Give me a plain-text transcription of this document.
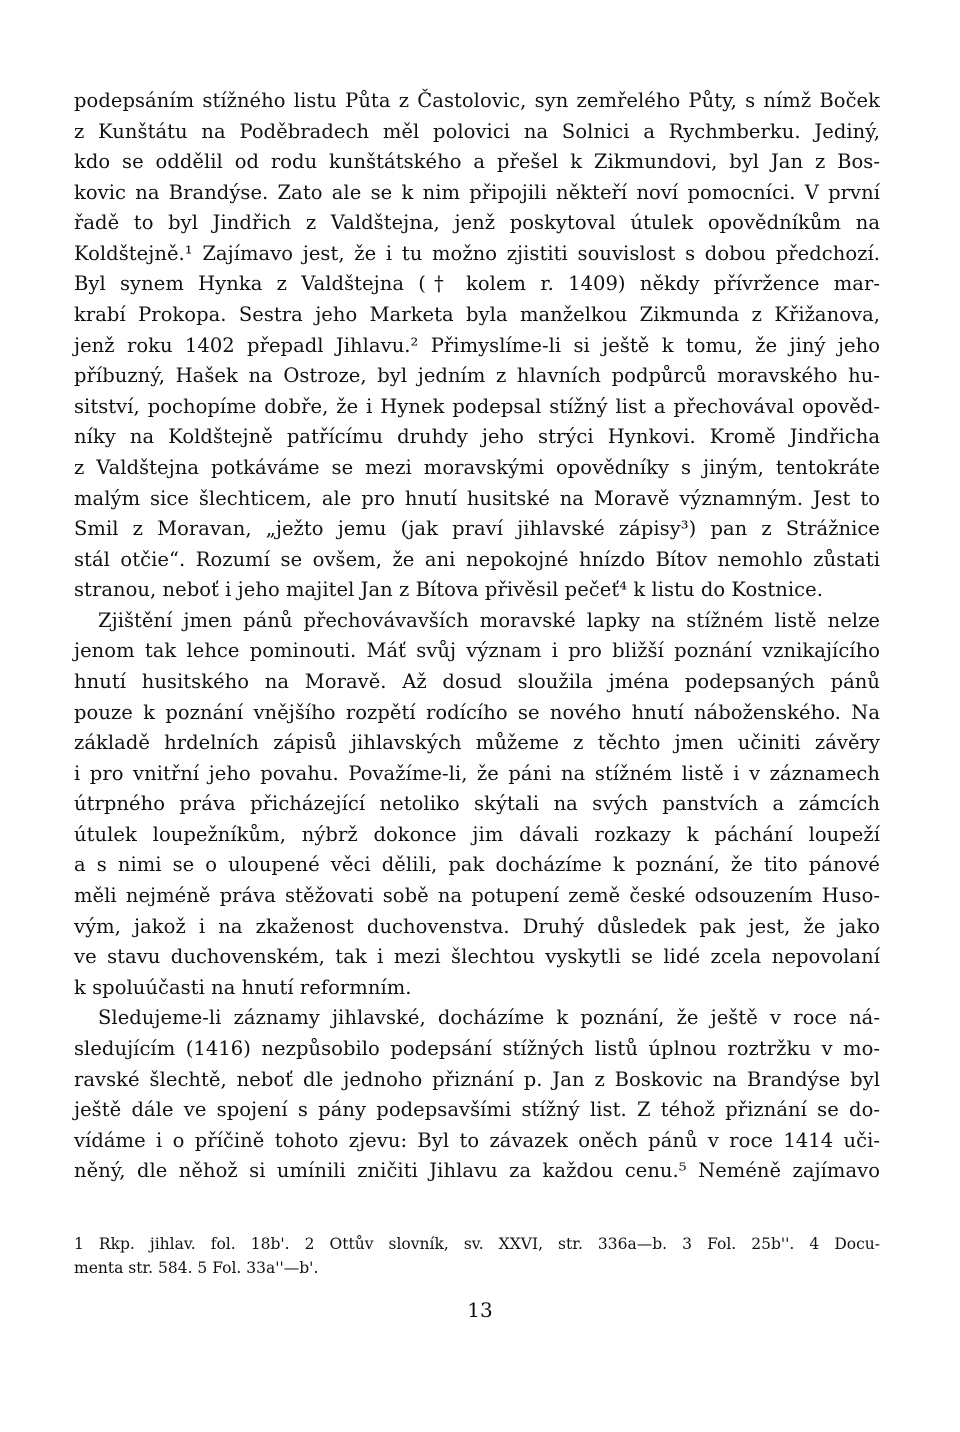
podepsáním stížného listu Půta z Častolovic, syn zemřelého Půty, s nímž Boček
z Kunštátu na Poděbradech měl polovici na Solnici a Rychmberku. Jediný,
kdo se oddělil od rodu kunštátského a přešel k Zikmundovi, byl Jan z Bos-
kovic na Brandýse. Zato ale se k nim připojili někteří noví pomocníci. V první
řadě to byl Jindřich z Valdštejna, jenž poskytoval útulek opovědníkům na
Koldštejně.¹ Zajímavo jest, že i tu možno zjistiti souvislost s dobou předchozí.
Byl synem Hynka z Valdštejna († kolem r. 1409) někdy přívržence mar-
krabí Prokopa. Sestra jeho Marketa byla manželkou Zikmunda z Křižanova,
jenž roku 1402 přepadl Jihlavu.² Přimyslíme-li si ještě k tomu, že jiný jeho
příbuzný, Hašek na Ostroze, byl jedním z hlavních podpůrců moravského hu-
sitství, pochopíme dobře, že i Hynek podepsal stížný list a přechovával opověd-
níky na Koldštejně patřícímu druhdy jeho strýci Hynkovi. Kromě Jindřicha
z Valdštejna potkáváme se mezi moravskými opovědníky s jiným, tentokráte
malým sice šlechticem, ale pro hnutí husitské na Moravě významným. Jest to
Smil z Moravan, „ježto jemu (jak praví jihlavské zápisy³) pan z Strážnice
stál otčie“. Rozumí se ovšem, že ani nepokojné hnízdo Bítov nemohlo zůstati
stranou, neboť i jeho majitel Jan z Bítova přivěsil pečeť⁴ k listu do Kostnice.
Zjištění jmen pánů přechovávavších moravské lapky na stížném listě nelze
jenom tak lehce pominouti. Máť svůj význam i pro bližší poznání vznikajícího
hnutí husitského na Moravě. Až dosud sloužila jména podepsaných pánů
pouze k poznání vnějšího rozpětí rodícího se nového hnutí náboženského. Na
základě hrdelních zápisů jihlavských můžeme z těchto jmen učiniti závěry
i pro vnitřní jeho povahu. Považíme-li, že páni na stížném listě i v záznamech
útrpného práva přicházející netoliko skýtali na svých panstvích a zámcích
útulek loupežníkům, nýbrž dokonce jim dávali rozkazy k páchání loupeží
a s nimi se o uloupené věci dělili, pak docházíme k poznání, že tito pánové
měli nejméně práva stěžovati sobě na potupení země české odsouzením Huso-
vým, jakož i na zkaženost duchovenstva. Druhý důsledek pak jest, že jako
ve stavu duchovenském, tak i mezi šlechtou vyskytli se lidé zcela nepovolaní
k spoluúčasti na hnutí reformním.
Sledujeme-li záznamy jihlavské, docházíme k poznání, že ještě v roce ná-
sledujícím (1416) nezpůsobilo podepsání stížných listů úplnou roztržku v mo-
ravské šlechtě, neboť dle jednoho přiznání p. Jan z Boskovic na Brandýse byl
ještě dále ve spojení s pány podepsavšími stížný list. Z téhož přiznání se do-
vídáme i o příčině tohoto zjevu: Byl to závazek oněch pánů v roce 1414 uči-
něný, dle něhož si umínili zničiti Jihlavu za každou cenu.⁵ Neméně zajímavo
1 Rkp. jihlav. fol. 18b'. 2 Ottův slovník, sv. XXVI, str. 336a—b. 3 Fol. 25b''. 4 Docu-
menta str. 584. 5 Fol. 33a''—b'.
13
